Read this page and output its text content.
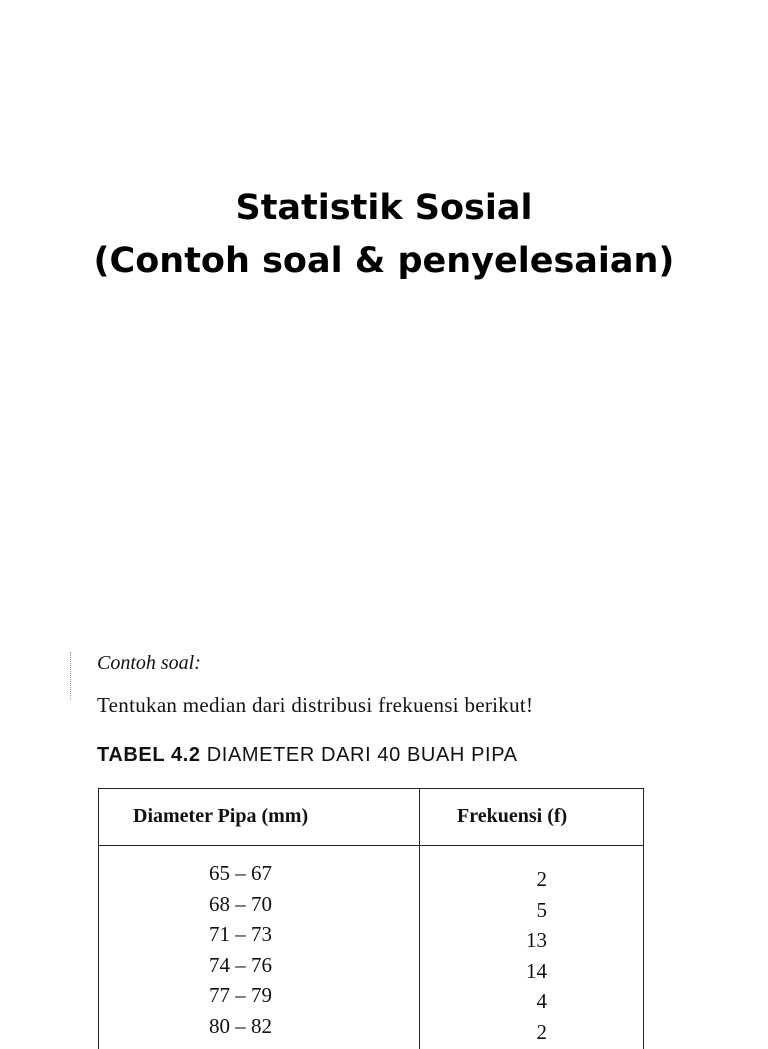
Statistik Sosial
(Contoh soal & penyelesaian)
Contoh soal:
Tentukan median dari distribusi frekuensi berikut!
TABEL 4.2 DIAMETER DARI 40 BUAH PIPA
Diameter Pipa (mm)	Frekuensi (f)
65 – 67	2
68 – 70	5
71 – 73	13
74 – 76	14
77 – 79	4
80 – 82	2
